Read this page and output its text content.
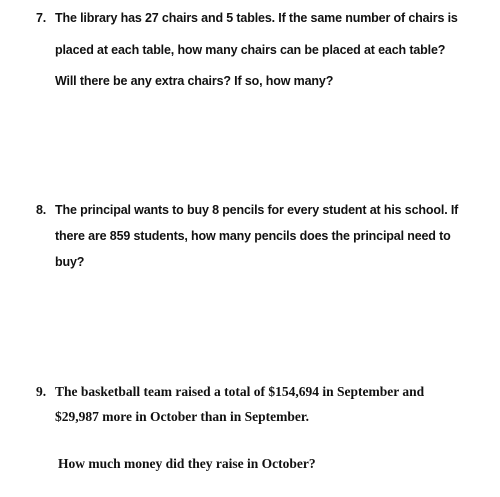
7. The library has 27 chairs and 5 tables. If the same number of chairs is
placed at each table, how many chairs can be placed at each table?
Will there be any extra chairs? If so, how many?
8. The principal wants to buy 8 pencils for every student at his school. If
there are 859 students, how many pencils does the principal need to
buy?
9. The basketball team raised a total of $154,694 in September and
$29,987 more in October than in September.
How much money did they raise in October?
